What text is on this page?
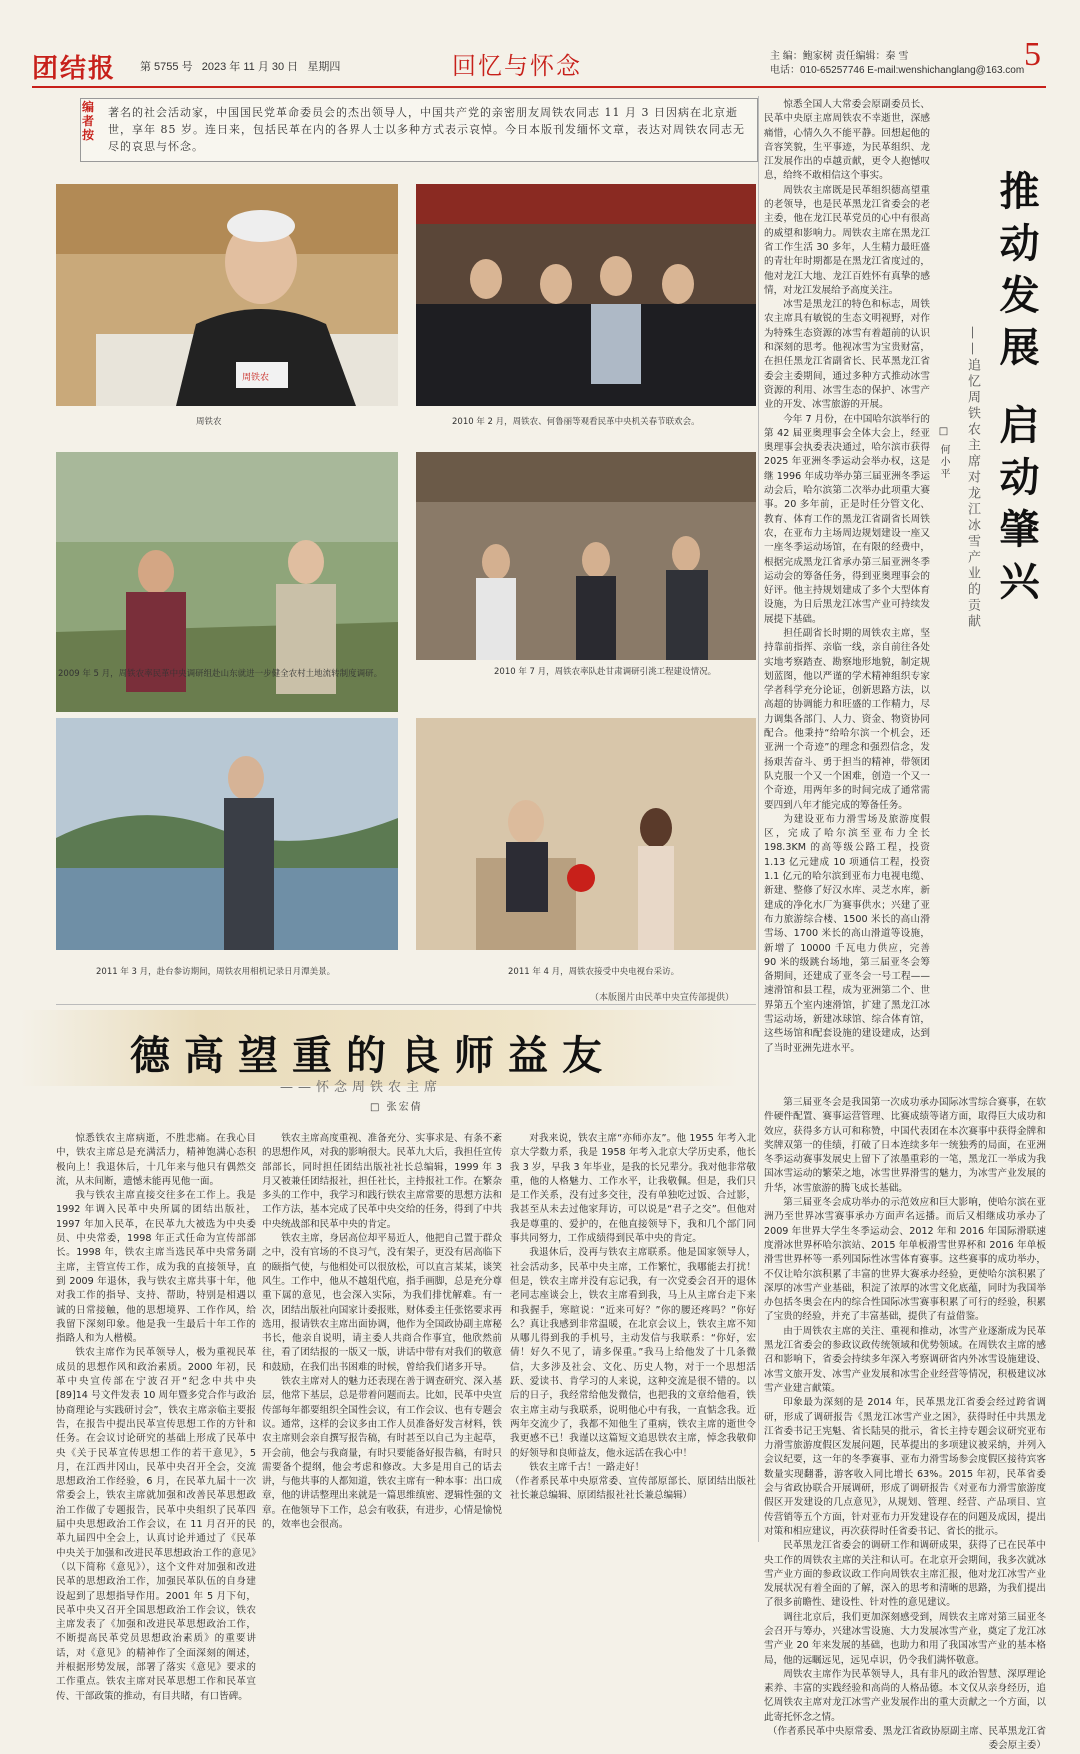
团结报 第 5755 号 2023 年 11 月 30 日 星期四	回忆与怀念	主 编：鲍家树 责任编辑：秦 雪
电话：010-65257746 E-mail:wenshichanglang@163.com 5
编者按
著名的社会活动家，中国国民党革命委员会的杰出领导人，中国共产党的亲密朋友周铁农同志 11 月 3 日因病在北京逝世，享年 85 岁。连日来，包括民革在内的各界人士以多种方式表示哀悼。今日本版刊发缅怀文章，表达对周铁农同志无尽的哀思与怀念。
周铁农
周铁农	2010 年 2 月，周铁农、何鲁丽等观看民革中央机关春节联欢会。
2009 年 5 月，周铁农率民革中央调研组赴山东就进一步健全农村土地流转制度调研。	2010 年 7 月，周铁农率队赴甘肃调研引洮工程建设情况。
2011 年 3 月，赴台参访期间，周铁农用相机记录日月潭美景。	2011 年 4 月，周铁农接受中央电视台采访。
（本版图片由民革中央宣传部提供）
推动发展 启动肇兴
——追忆周铁农主席对龙江冰雪产业的贡献
□ 何小平

惊悉全国人大常委会原副委员长、民革中央原主席周铁农不幸逝世，深感痛惜，心情久久不能平静。回想起他的音容笑貌，生平事迹，为民革组织、龙江发展作出的卓越贡献，更令人抱憾叹息，给终不敢相信这个事实。

周铁农主席既是民革组织德高望重的老领导，也是民革黑龙江省委会的老主委，他在龙江民革党员的心中有很高的威望和影响力。周铁农主席在黑龙江省工作生活 30 多年，人生精力最旺盛的青壮年时期都是在黑龙江省度过的，他对龙江大地、龙江百姓怀有真挚的感情，对龙江发展给予高度关注。

冰雪是黑龙江的特色和标志，周铁农主席具有敏锐的生态文明视野，对作为特殊生态资源的冰雪有着超前的认识和深刻的思考。他视冰雪为宝贵财富，在担任黑龙江省副省长、民革黑龙江省委会主委期间，通过多种方式推动冰雪资源的利用、冰雪生态的保护、冰雪产业的开发、冰雪旅游的开展。

今年 7 月份，在中国哈尔滨举行的第 42 届亚奥理事会全体大会上，经亚奥理事会执委表决通过，哈尔滨市获得 2025 年亚洲冬季运动会举办权，这是继 1996 年成功举办第三届亚洲冬季运动会后，哈尔滨第二次举办此项重大赛事。20 多年前，正是时任分管文化、教育、体育工作的黑龙江省副省长周铁农，在亚布力主场周边规划建设一座又一座冬季运动场馆，在有限的经费中，根据完成黑龙江省承办第三届亚洲冬季运动会的筹备任务，得到亚奥理事会的好评。他主持规划建成了多个大型体育设施，为日后黑龙江冰雪产业可持续发展提下基础。

担任副省长时期的周铁农主席，坚持靠前指挥、亲临一线，亲自前往各处实地考察踏查、勘察地形地貌，制定规划蓝图，他以严谨的学术精神组织专家学者科学充分论证，创新思路方法，以高超的协调能力和旺盛的工作精力，尽力调集各部门、人力、资金、物资协同配合。他秉持“给哈尔滨一个机会，还亚洲一个奇迹”的理念和强烈信念，发扬艰苦奋斗、勇于担当的精神，带领团队克服一个又一个困难，创造一个又一个奇迹，用两年多的时间完成了通常需要四到八年才能完成的筹备任务。

为建设亚布力滑雪场及旅游度假区，完成了哈尔滨至亚布力全长 198.3KM 的高等级公路工程，投资 1.13 亿元建成 10 项通信工程，投资 1.1 亿元的哈尔滨到亚布力电视电缆、新建、整修了好汉水库、灵芝水库，新建成的净化水厂为赛事供水；兴建了亚布力旅游综合楼、1500 米长的高山滑雪场、1700 米长的高山滑道等设施，新增了 10000 千瓦电力供应，完善 90 米的级跳台场地，第三届亚冬会筹备期间，还建成了亚冬会一号工程——速滑馆和县工程，成为亚洲第二个、世界第五个室内速滑馆，扩建了黑龙江冰雪运动场，新建冰球馆、综合体育馆，这些场馆和配套设施的建设建成，达到了当时亚洲先进水平。

第三届亚冬会是我国第一次成功承办国际冰雪综合赛事，在软件硬件配置、赛事运营管理、比赛成绩等诸方面，取得巨大成功和效应，获得多方认可和称赞，中国代表团在本次赛事中获得金牌和奖牌双第一的佳绩，打破了日本连续多年一统独秀的局面，在亚洲冬季运动赛事发展史上留下了浓墨重彩的一笔，黑龙江一举成为我国冰雪运动的繁荣之地，冰雪世界滑雪的魅力，为冰雪产业发展的升华，冰雪旅游的腾飞成长基础。

第三届亚冬会成功举办的示范效应和巨大影响，使哈尔滨在亚洲乃至世界冰雪赛事承办方面声名远播。而后又相继成功承办了 2009 年世界大学生冬季运动会、2012 年和 2016 年国际滑联速度滑冰世界杯哈尔滨站、2015 年单板滑雪世界杯和 2016 年单板滑雪世界杯等一系列国际性冰雪体育赛事。这些赛事的成功举办，不仅让哈尔滨积累了丰富的世界大赛承办经验，更使哈尔滨积累了深厚的冰雪产业基础，积淀了浓厚的冰雪文化底蕴，同时为我国举办包括冬奥会在内的综合性国际冰雪赛事积累了可行的经验，积累了宝贵的经验，并充了丰富基础，提供了有益借鉴。

由于周铁农主席的关注、重视和推动，冰雪产业逐渐成为民革黑龙江省委会的参政议政传统领域和优势领域。在周铁农主席的感召和影响下，省委会持续多年深入考察调研省内外冰雪设施建设、冰雪文旅开发、冰雪产业发展和冰雪企业经营等情况，积极建议冰雪产业建言献策。

印象最为深刻的是 2014 年，民革黑龙江省委会经过跨省调研，形成了调研报告《黑龙江冰雪产业之困》，获得时任中共黑龙江省委书记王宪魁、省长陆昊的批示，省长主持专题会议研究亚布力滑雪旅游度假区发展问题，民革提出的多项建议被采纳，并列入会议纪要，这一年的冬季赛事、亚布力滑雪场参会度假区接待宾客数量实现翻番，游客收入同比增长 63%。2015 年初，民革省委会与省政协联合开展调研，形成了调研报告《对亚布力滑雪旅游度假区开发建设的几点意见》，从规划、管理、经营、产品项目、宣传营销等五个方面，针对亚布力开发建设存在的问题及成因，提出对策和相应建议，再次获得时任省委书记、省长的批示。

民革黑龙江省委会的调研工作和调研成果，获得了已在民革中央工作的周铁农主席的关注和认可。在北京开会期间，我多次就冰雪产业方面的参政议政工作向周铁农主席汇报，他对龙江冰雪产业发展状况有着全面的了解，深入的思考和清晰的思路，为我们提出了很多前瞻性、建设性、针对性的意见建议。

调往北京后，我们更加深刻感受到，周铁农主席对第三届亚冬会召开与筹办，兴建冰雪设施、大力发展冰雪产业，奠定了龙江冰雪产业 20 年来发展的基础，也助力和用了我国冰雪产业的基本格局，他的远瞩远见，远见卓识，仍令我们满怀敬意。

周铁农主席作为民革领导人，具有非凡的政治智慧、深厚理论素养、丰富的实践经验和高尚的人格品德。本文仅从亲身经历，追忆周铁农主席对龙江冰雪产业发展作出的重大贡献之一个方面，以此寄托怀念之情。

（作者系民革中央原常委、黑龙江省政协原副主席、民革黑龙江省委会原主委）

德高望重的良师益友
——怀念周铁农主席
□ 张宏倩

惊悉铁农主席病逝，不胜悲痛。在我心目中，铁农主席总是充满活力，精神饱满心态积极向上！我退休后，十几年来与他只有偶然交流，从未间断，遗憾未能再见他一面。

我与铁农主席直接交往多在工作上。我是 1992 年调入民革中央所属的团结出版社，1997 年加入民革，在民革九大被选为中央委员、中央常委，1998 年正式任命为宣传部部长。1998 年，铁农主席当选民革中央常务副主席，主管宣传工作，成为我的直接领导，直到 2009 年退休，我与铁农主席共事十年，他对我工作的指导、支持、帮助，特别是相遇以诚的日常接触，他的思想境界、工作作风，给我留下深刻印象。他是我一生最后十年工作的指路人和为人楷模。

铁农主席作为民革领导人，极为重视民革成员的思想作风和政治素质。2000 年初，民革中央宣传部在宁波召开“纪念中共中央 [89]14 号文件发表 10 周年暨多党合作与政治协商理论与实践研讨会”，铁农主席亲临主要报告，在报告中提出民革宣传思想工作的方针和任务。在会议讨论研究的基础上形成了民革中央《关于民革宣传思想工作的若干意见》，5 月，在江西井冈山，民革中央召开全会，交流思想政治工作经验，6 月，在民革九届十一次常委会上，铁农主席就加强和改善民革思想政治工作做了专题报告，民革中央组织了民革四届中央思想政治工作会议，在 11 月召开的民革九届四中全会上，认真讨论并通过了《民革中央关于加强和改进民革思想政治工作的意见》（以下简称《意见》），这个文件对加强和改进民革的思想政治工作，加强民革队伍的自身建设起到了思想指导作用。2001 年 5 月下旬，民革中央又召开全国思想政治工作会议，铁农主席发表了《加强和改进民革思想政治工作，不断提高民革党员思想政治素质》的重要讲话，对《意见》的精神作了全面深刻的阐述，并根据形势发展，部署了落实《意见》要求的工作重点。铁农主席对民革思想工作和民革宣传、干部政策的推动，有目共睹，有口皆碑。

铁农主席高度重视、准备充分、实事求是、有条不紊的思想作风，对我的影响很大。民革九大后，我担任宣传部部长，同时担任团结出版社社长总编辑，1999 年 3 月又被兼任团结报社，担任社长，主持报社工作。在繁杂多头的工作中，我学习和践行铁农主席常要的思想方法和工作方法，基本完成了民革中央交给的任务，得到了中共中央统战部和民革中央的肯定。

铁农主席，身居高位却平易近人，他把自己置于群众之中，没有官场的不良习气，没有架子，更没有居高临下的颐指气使，与他相处可以很放松，可以直言某某，谈笑风生。工作中，他从不越俎代庖，指手画脚，总是充分尊重下属的意见，也会深入实际，为我们排忧解难。有一次，团结出版社向国家计委报账，财体委主任张铭要求再选用，报请铁农主席出面协调，他作为全国政协副主席秘书长，他亲自说明，请主委人共商合作事宜，他欣然前往，看了团结报的一版又一版，讲话中带有对我们的敬意和鼓励，在我们出书困难的时候，曾给我们诸多开导。

铁农主席对人的魅力还表现在善于调查研究、深入基层，他常下基层，总是带着问题而去。比如，民革中央宣传部每年都要组织全国性会议，有工作会议、也有专题会议。通常，这样的会议多由工作人员准备好发言材料，铁农主席则会亲自撰写报告稿，有时甚至以自己为主起草，开会前，他会与我商量，有时只要能备好报告稿，有时只需要备个提纲，他会考虑和修改。大多是用自己的话去讲，与他共事的人都知道，铁农主席有一种本事：出口成章，他的讲话整理出来就是一篇思维缜密、逻辑性强的文章。在他领导下工作，总会有收获，有进步，心情是愉悦的，效率也会很高。

对我来说，铁农主席“亦师亦友”。他 1955 年考入北京大学数力系，我是 1958 年考入北京大学历史系，他长我 3 岁，早我 3 年毕业，是我的长兄辈分。我对他非常敬重，他的人格魅力、工作水平，让我敬佩。但是，我们只是工作关系，没有过多交往，没有单独吃过饭、合过影，我甚至从未去过他家拜访，可以说是“君子之交”。但他对我是尊重的、爱护的，在他直接领导下，我和几个部门同事共同努力，工作成绩得到民革中央的肯定。

我退休后，没再与铁农主席联系。他是国家领导人，社会活动多，民革中央主席，工作繁忙，我哪能去打扰！但是，铁农主席并没有忘记我，有一次党委会召开的退休老同志座谈会上，铁农主席看到我，马上从主席台走下来和我握手，寒暄说：“近来可好？”你的腰还疼吗？”你好么？真让我感到非常温暖，在北京会议上，铁农主席不知从哪儿得到我的手机号，主动发信与我联系：“你好，宏倩！好久不见了，请多保重。”我马上给他发了十几条微信，大多涉及社会、文化、历史人物，对于一个思想活跃、爱读书、肯学习的人来说，这种交流是很不错的。以后的日子，我经常给他发微信，也把我的文章给他看，铁农主席主动与我联系，说明他心中有我，一直惦念我。近两年交流少了，我都不知他生了重病，铁农主席的逝世令我更感不已！我谨以这篇短文追思铁农主席，悼念我敬仰的好领导和良师益友，他永远活在我心中！

铁农主席千古！一路走好！

（作者系民革中央原常委、宣传部原部长、原团结出版社社长兼总编辑、原团结报社社长兼总编辑）
